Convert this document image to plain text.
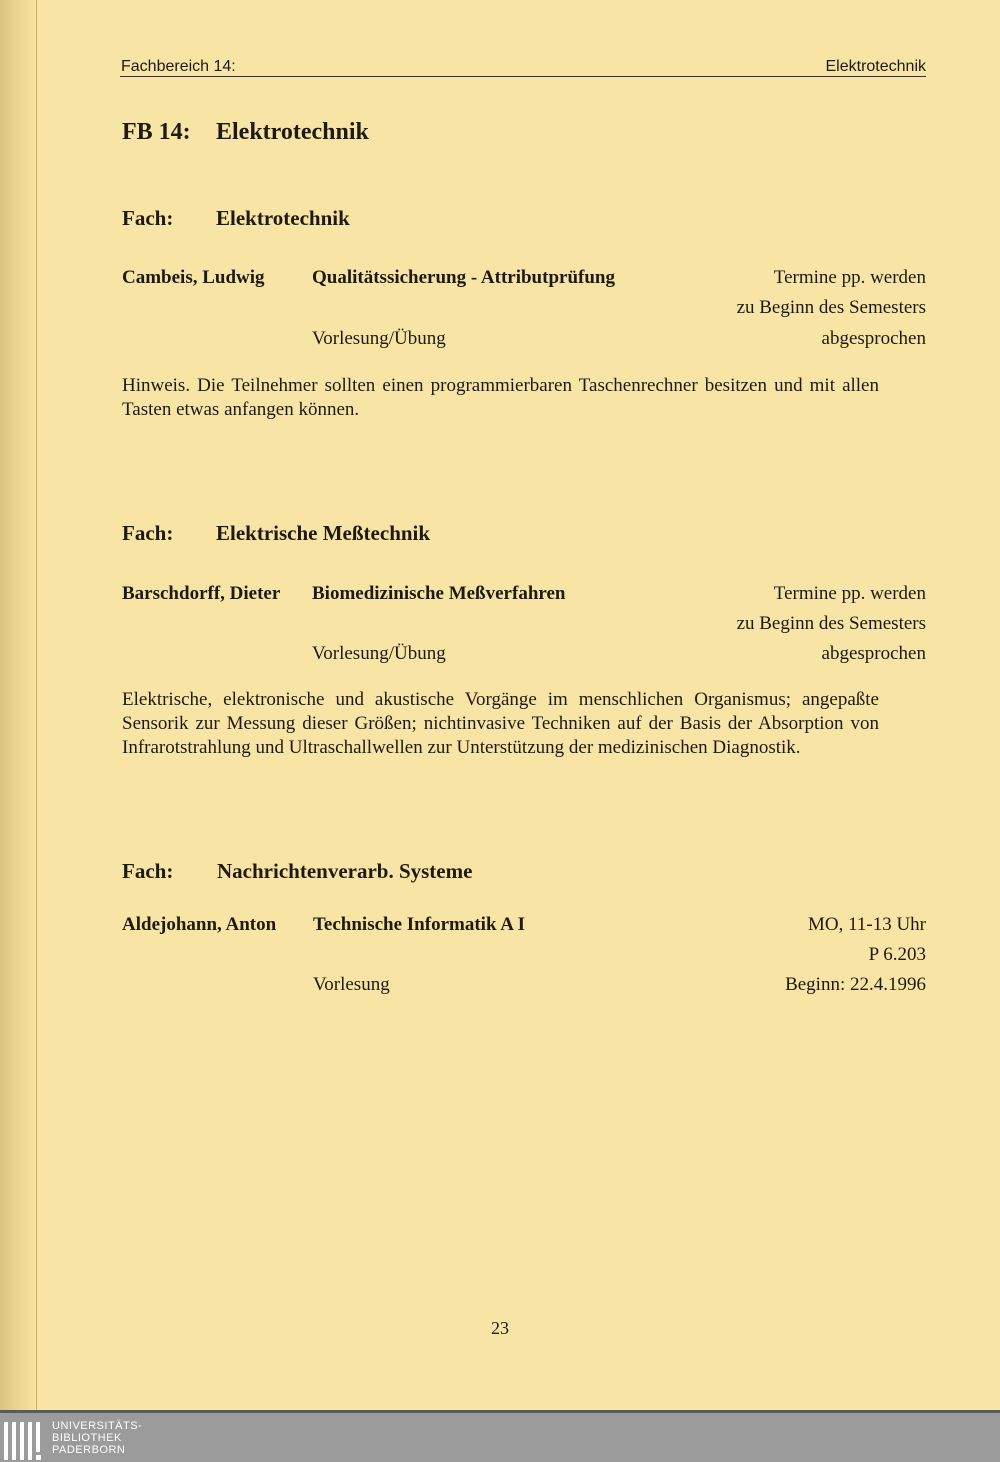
Fachbereich 14:	Elektrotechnik
FB 14: Elektrotechnik
Fach: Elektrotechnik
Cambeis, Ludwig Qualitätssicherung - Attributprüfung
Vorlesung/Übung
Termine pp. werden
zu Beginn des Semesters
abgesprochen
Hinweis. Die Teilnehmer sollten einen programmierbaren Taschenrechner besitzen und mit allen Tasten etwas anfangen können.
Fach: Elektrische Meßtechnik
Barschdorff, Dieter Biomedizinische Meßverfahren
Vorlesung/Übung
Termine pp. werden
zu Beginn des Semesters
abgesprochen
Elektrische, elektronische und akustische Vorgänge im menschlichen Organismus; angepaßte Sensorik zur Messung dieser Größen; nichtinvasive Techniken auf der Basis der Absorption von Infrarotstrahlung und Ultraschallwellen zur Unterstützung der medizinischen Diagnostik.
Fach: Nachrichtenverarb. Systeme
Aldejohann, Anton Technische Informatik A I
Vorlesung
MO, 11-13 Uhr
P 6.203
Beginn: 22.4.1996
23
UNIVERSITÄTS-
BIBLIOTHEK
PADERBORN
